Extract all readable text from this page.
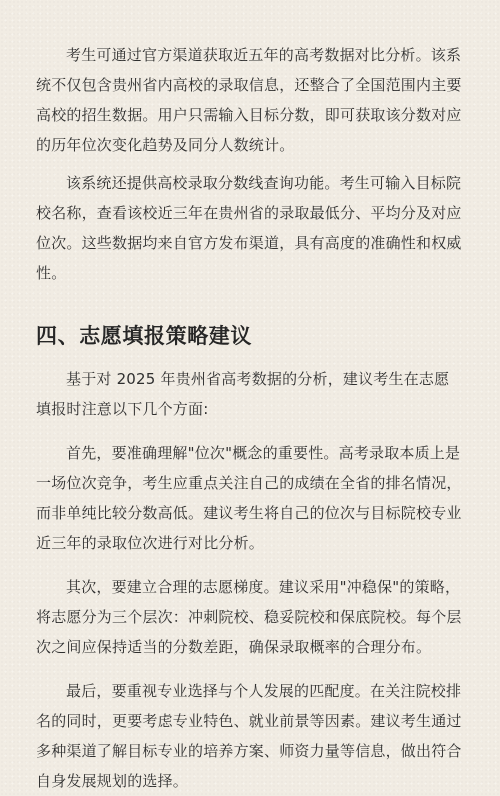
考生可通过官方渠道获取近五年的高考数据对比分析。该系统不仅包含贵州省内高校的录取信息，还整合了全国范围内主要高校的招生数据。用户只需输入目标分数，即可获取该分数对应的历年位次变化趋势及同分人数统计。

该系统还提供高校录取分数线查询功能。考生可输入目标院校名称，查看该校近三年在贵州省的录取最低分、平均分及对应位次。这些数据均来自官方发布渠道，具有高度的准确性和权威性。

四、志愿填报策略建议

基于对 2025 年贵州省高考数据的分析，建议考生在志愿填报时注意以下几个方面:

首先，要准确理解"位次"概念的重要性。高考录取本质上是一场位次竞争，考生应重点关注自己的成绩在全省的排名情况，而非单纯比较分数高低。建议考生将自己的位次与目标院校专业近三年的录取位次进行对比分析。

其次，要建立合理的志愿梯度。建议采用"冲稳保"的策略，将志愿分为三个层次：冲刺院校、稳妥院校和保底院校。每个层次之间应保持适当的分数差距，确保录取概率的合理分布。

最后，要重视专业选择与个人发展的匹配度。在关注院校排名的同时，更要考虑专业特色、就业前景等因素。建议考生通过多种渠道了解目标专业的培养方案、师资力量等信息，做出符合自身发展规划的选择。
